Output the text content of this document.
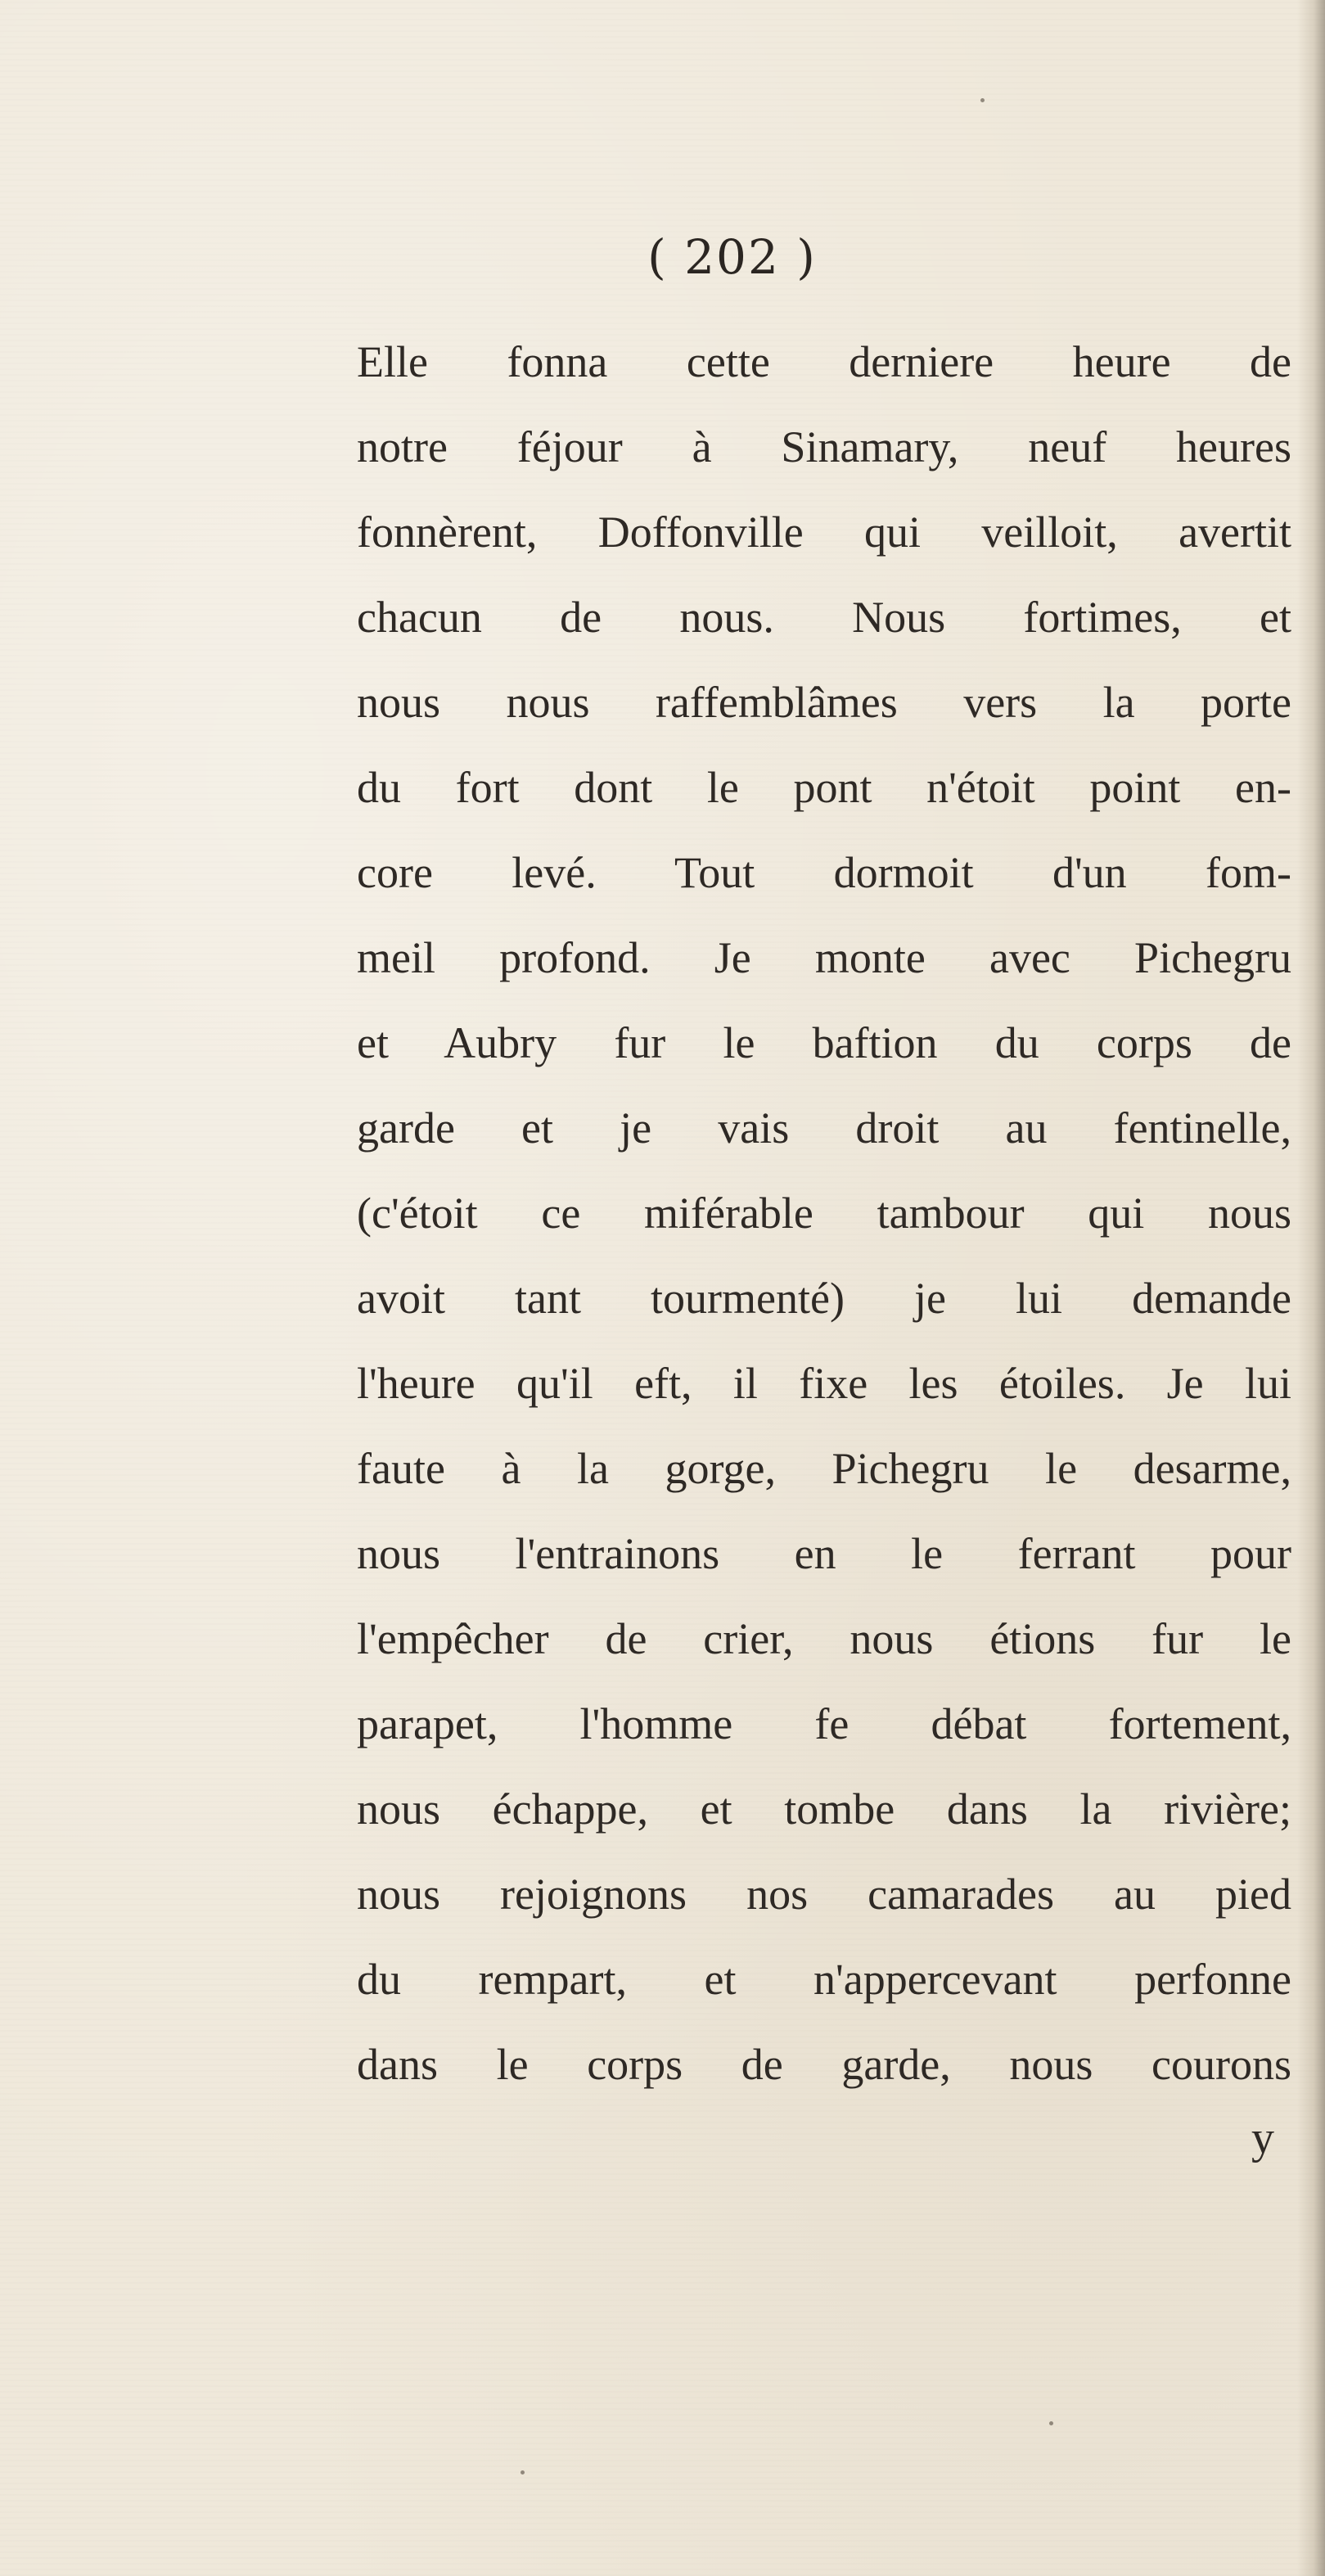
( 202 )
Elle fonna cette derniere heure de
notre féjour à Sinamary, neuf heures
fonnèrent, Doffonville qui veilloit, avertit
chacun de nous. Nous fortimes, et
nous nous raffemblâmes vers la porte
du fort dont le pont n'étoit point en-
core levé. Tout dormoit d'un fom-
meil profond. Je monte avec Pichegru
et Aubry fur le baftion du corps de
garde et je vais droit au fentinelle,
(c'étoit ce miférable tambour qui nous
avoit tant tourmenté) je lui demande
l'heure qu'il eft, il fixe les étoiles. Je lui
faute à la gorge, Pichegru le desarme,
nous l'entrainons en le ferrant pour
l'empêcher de crier, nous étions fur le
parapet, l'homme fe débat fortement,
nous échappe, et tombe dans la rivière;
nous rejoignons nos camarades au pied
du rempart, et n'appercevant perfonne
dans le corps de garde, nous courons
y
